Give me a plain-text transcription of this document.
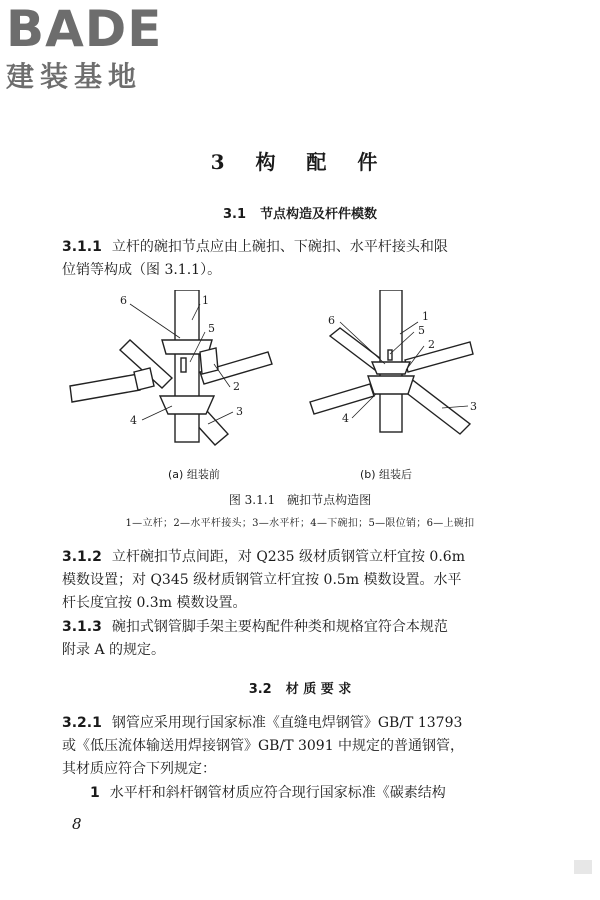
BADE
建装基地
3 构 配 件
3.1 节点构造及杆件模数
3.1.1 立杆的碗扣节点应由上碗扣、下碗扣、水平杆接头和限
位销等构成（图 3.1.1）。
6	1
5
2
3
4
6	1
5
2
3
4
(a) 组装前	(b) 组装后
图 3.1.1　碗扣节点构造图
1—立杆；2—水平杆接头；3—水平杆；4—下碗扣；5—限位销；6—上碗扣
3.1.2 立杆碗扣节点间距，对 Q235 级材质钢管立杆宜按 0.6m
模数设置；对 Q345 级材质钢管立杆宜按 0.5m 模数设置。水平
杆长度宜按 0.3m 模数设置。
3.1.3 碗扣式钢管脚手架主要构配件种类和规格宜符合本规范
附录 A 的规定。
3.2 材 质 要 求
3.2.1 钢管应采用现行国家标准《直缝电焊钢管》GB/T 13793
或《低压流体输送用焊接钢管》GB/T 3091 中规定的普通钢管，
其材质应符合下列规定：
1 水平杆和斜杆钢管材质应符合现行国家标准《碳素结构
8
